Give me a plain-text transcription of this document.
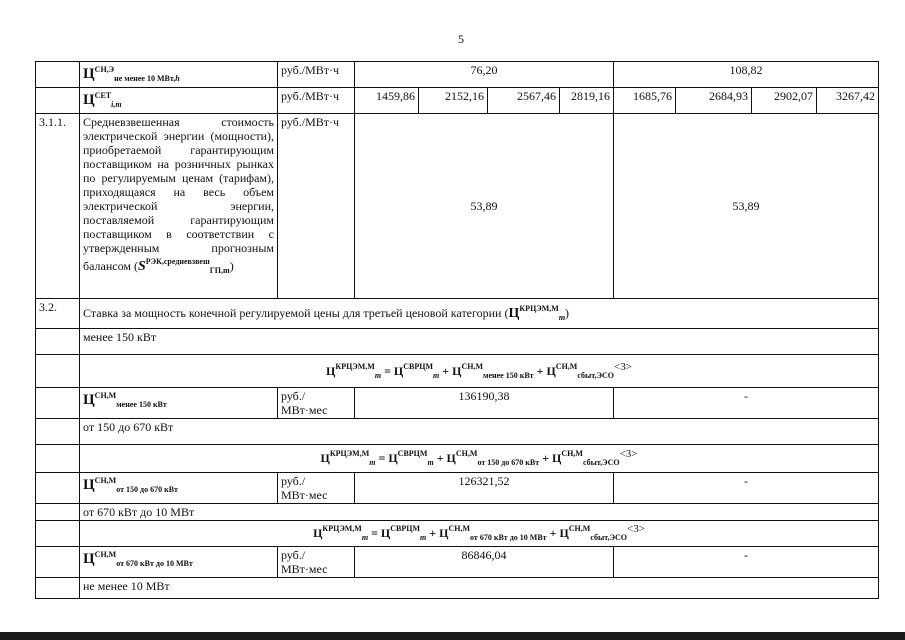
5
	$Ц^{СН,Э}_{не менее 10 МВт,h}$	руб./МВт·ч	76,20				108,82			
	$Ц^{СЕТ}_{i,m}$	руб./МВт·ч	1459,86	2152,16	2567,46	2819,16	1685,76	2684,93	2902,07	3267,42
3.1.1.	Средневзвешенная стоимость электрической энергии (мощности), приобретаемой гарантирующим поставщиком на розничных рынках по регулируемым ценам (тарифам), приходящаяся на весь объем электрической энергии, поставляемой гарантирующим поставщиком в соответствии с утвержденным прогнозным балансом $(S^{РЭК,средневзвеш}_{ГП,m})$	руб./МВт·ч	53,89				53,89			
3.2.	Ставка за мощность конечной регулируемой цены для третьей ценовой категории $(Ц^{КРЦЭМ,М}_m)$									
	менее 150 кВт									
	$Ц^{КРЦЭМ,М}_m = Ц^{СВРЦМ}_m + Ц^{СН,М}_{менее 150 кВт} + Ц^{СН,М}_{сбыт,ЭСО}<3>$									
	$Ц^{СН,М}_{менее 150 кВт}$	руб./
МВт·мес	136190,38				-			
	от 150 до 670 кВт									
	$Ц^{КРЦЭМ,М}_m = Ц^{СВРЦМ}_m + Ц^{СН,М}_{от 150 до 670 кВт} + Ц^{СН,М}_{сбыт,ЭСО}<3>$									
	$Ц^{СН,М}_{от 150 до 670 кВт}$	руб./
МВт·мес	126321,52				-			
	от 670 кВт до 10 МВт									
	$Ц^{КРЦЭМ,М}_m = Ц^{СВРЦМ}_m + Ц^{СН,М}_{от 670 кВт до 10 МВт} + Ц^{СН,М}_{сбыт,ЭСО}<3>$									
	$Ц^{СН,М}_{от 670 кВт до 10 МВт}$	руб./
МВт·мес	86846,04				-			
	не менее 10 МВт									
